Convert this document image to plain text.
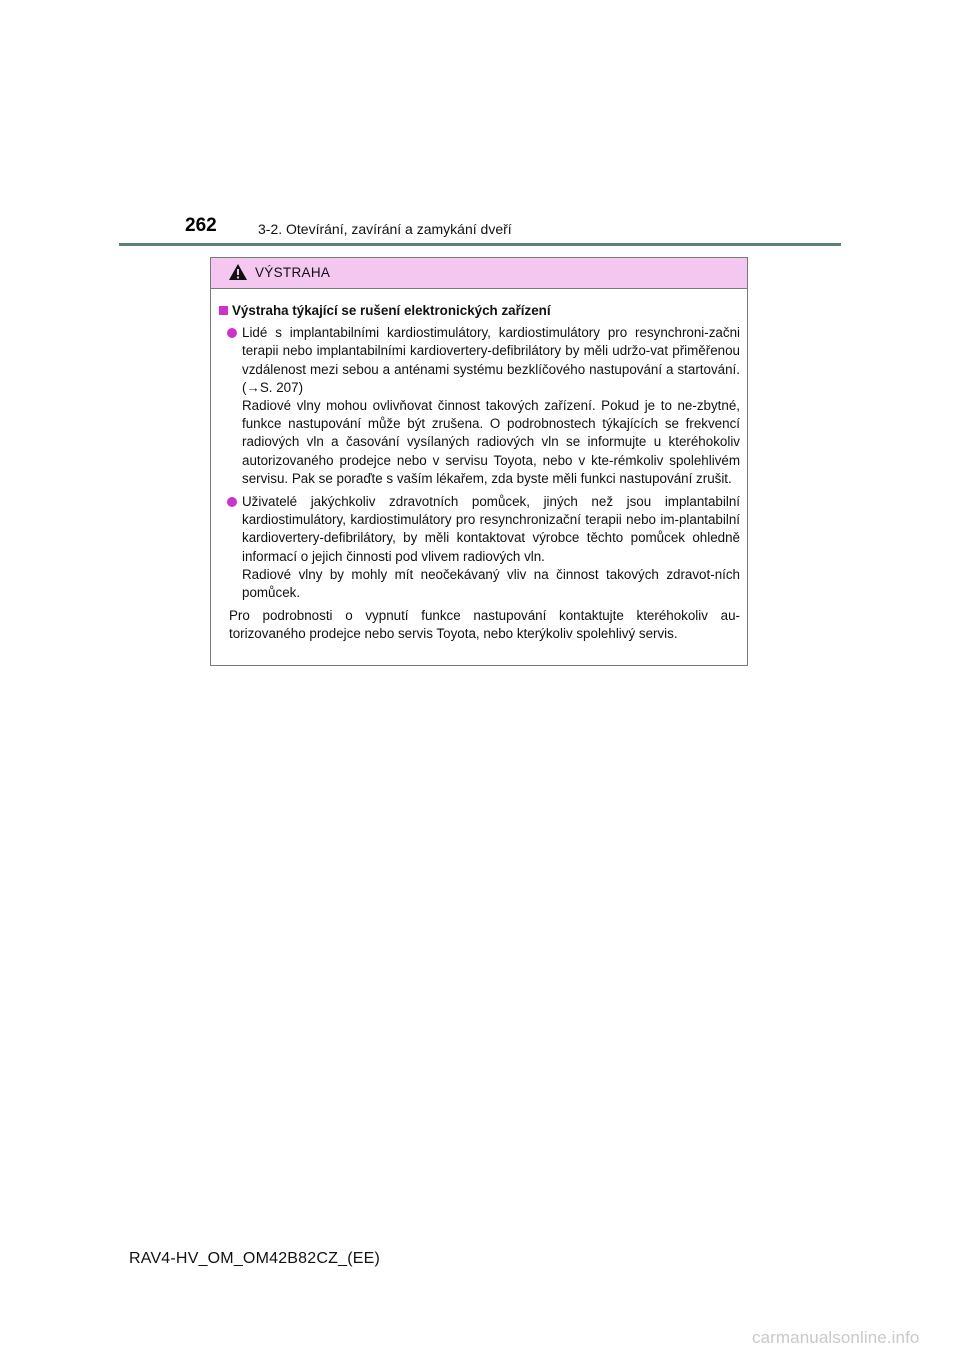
262	3-2. Otevírání, zavírání a zamykání dveří
VÝSTRAHA
Výstraha týkající se rušení elektronických zařízení

Lidé s implantabilními kardiostimulátory, kardiostimulátory pro resynchroni-začni terapii nebo implantabilními kardiovertery-defibrilátory by měli udržo-vat přiměřenou vzdálenost mezi sebou a anténami systému bezklíčového nastupování a startování. (→S. 207)

Radiové vlny mohou ovlivňovat činnost takových zařízení. Pokud je to ne-zbytné, funkce nastupování může být zrušena. O podrobnostech týkajících se frekvencí radiových vln a časování vysílaných radiových vln se informujte u kteréhokoliv autorizovaného prodejce nebo v servisu Toyota, nebo v kte-rémkoliv spolehlivém servisu. Pak se poraďte s vaším lékařem, zda byste měli funkci nastupování zrušit.

Uživatelé jakýchkoliv zdravotních pomůcek, jiných než jsou implantabilní kardiostimulátory, kardiostimulátory pro resynchronizační terapii nebo im-plantabilní kardiovertery-defibrilátory, by měli kontaktovat výrobce těchto pomůcek ohledně informací o jejich činnosti pod vlivem radiových vln.

Radiové vlny by mohly mít neočekávaný vliv na činnost takových zdravot-ních pomůcek.

Pro podrobnosti o vypnutí funkce nastupování kontaktujte kteréhokoliv au-torizovaného prodejce nebo servis Toyota, nebo kterýkoliv spolehlivý servis.

RAV4-HV_OM_OM42B82CZ_(EE)
carmanualsonline.info
